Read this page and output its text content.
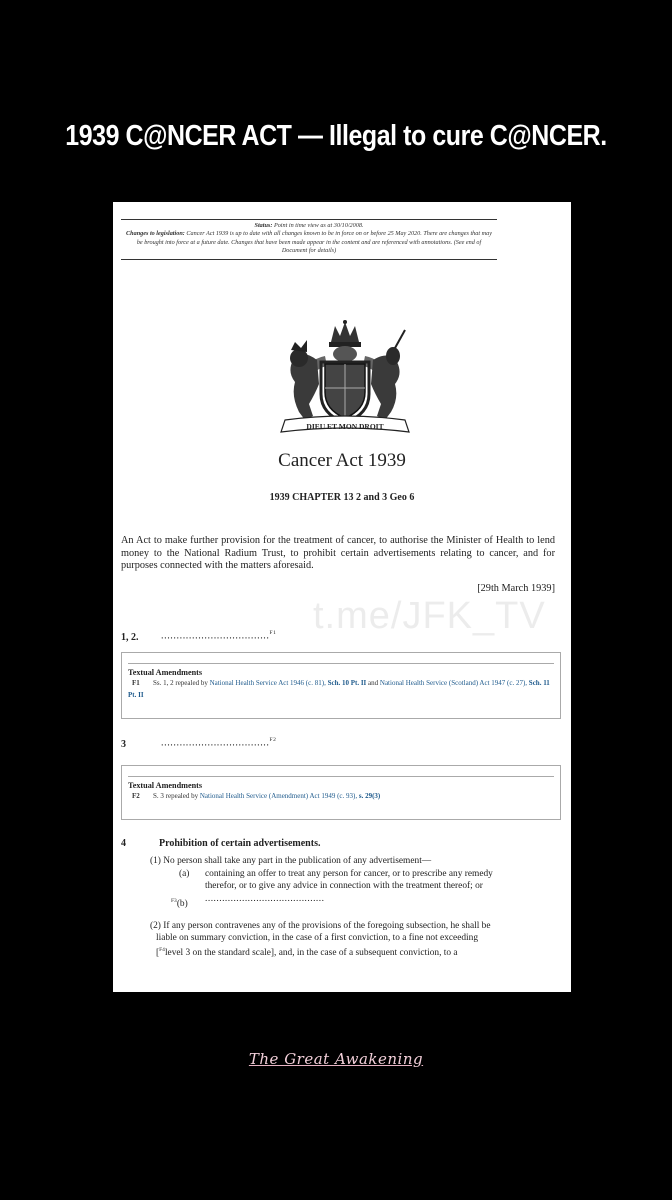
1939 C@NCER ACT — Illegal to cure C@NCER.
Status: Point in time view as at 30/10/2008.
Changes to legislation: Cancer Act 1939 is up to date with all changes known to be in force on or before 25 May 2020. There are changes that may be brought into force at a future date. Changes that have been made appear in the content and are referenced with annotations. (See end of Document for details)
DIEU ET MON DROIT
Cancer Act 1939
1939 CHAPTER 13 2 and 3 Geo 6
An Act to make further provision for the treatment of cancer, to authorise the Minister of Health to lend money to the National Radium Trust, to prohibit certain advertisements relating to cancer, and for purposes connected with the matters aforesaid.
[29th March 1939]
t.me/JFK_TV
1, 2. ...................................$^{F1}$
Textual Amendments
F1 Ss. 1, 2 repealed by National Health Service Act 1946 (c. 81), Sch. 10 Pt. II and National Health Service (Scotland) Act 1947 (c. 27), Sch. 11 Pt. II
3	...................................$^{F2}$
Textual Amendments
F2 S. 3 repealed by National Health Service (Amendment) Act 1949 (c. 93), s. 29(3)
4	Prohibition of certain advertisements.
(1) No person shall take any part in the publication of any advertisement—
(a) containing an offer to treat any person for cancer, or to prescribe any remedy
therefor, or to give any advice in connection with the treatment thereof; or
$^{F3}$(b)
..........................................
(2) If any person contravenes any of the provisions of the foregoing subsection, he shall be
liable on summary conviction, in the case of a first conviction, to a fine not exceeding
[$^{F4}$level 3 on the standard scale], and, in the case of a subsequent conviction, to a
The Great Awakening
